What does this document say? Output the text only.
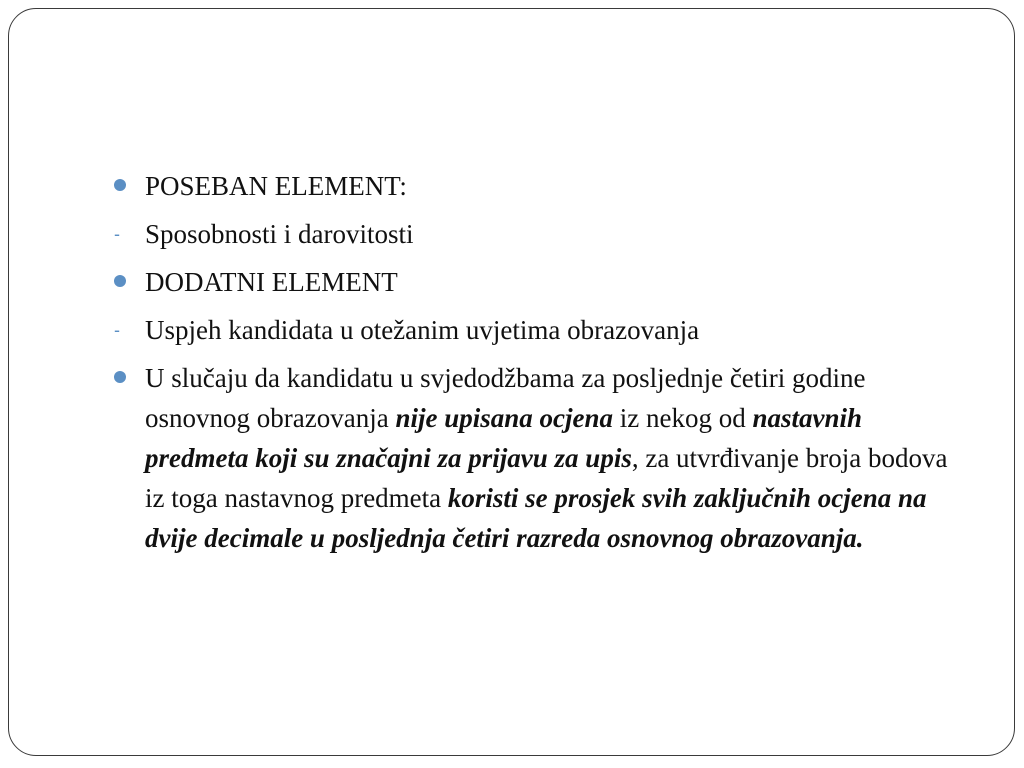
POSEBAN ELEMENT:
- Sposobnosti i darovitosti
DODATNI ELEMENT
- Uspjeh kandidata u otežanim uvjetima obrazovanja
U slučaju da kandidatu u svjedodžbama za posljednje četiri godine osnovnog obrazovanja nije upisana ocjena iz nekog od nastavnih predmeta koji su značajni za prijavu za upis, za utvrđivanje broja bodova iz toga nastavnog predmeta koristi se prosjek svih zaključnih ocjena na dvije decimale u posljednja četiri razreda osnovnog obrazovanja.
